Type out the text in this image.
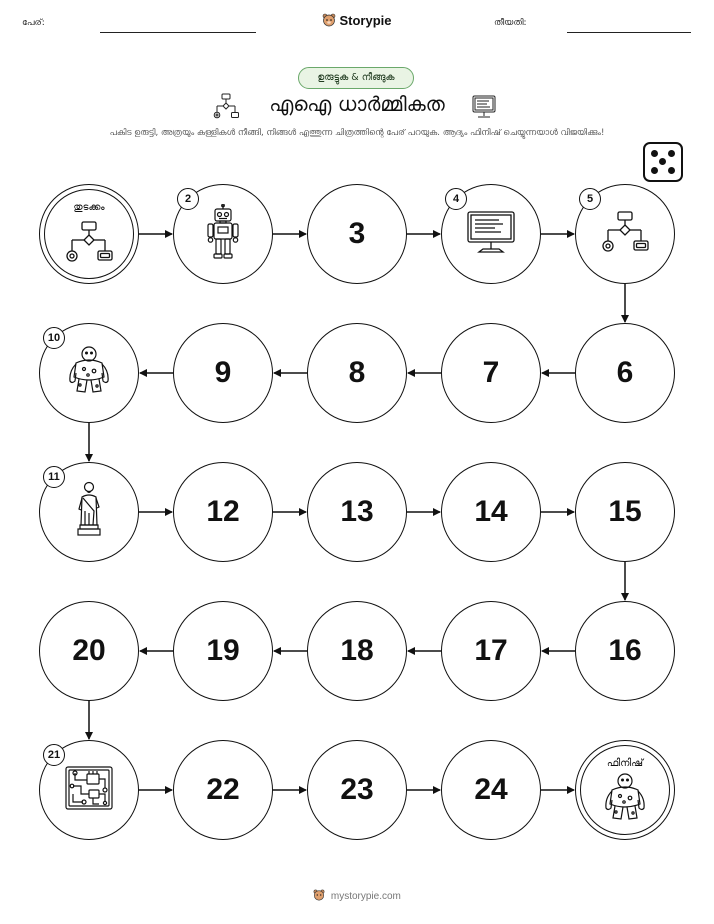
പേര്:	Storypie	തീയതി:
ഉരുട്ടുക & നീങ്ങുക
എഐ ധാർമ്മികത
പകിട ഉരുട്ടി, അത്രയും കള്ളികൾ നീങ്ങി, നിങ്ങൾ എത്തുന്ന ചിത്രത്തിന്റെ പേര് പറയുക. ആദ്യം ഫിനിഷ് ചെയ്യുന്നയാൾ വിജയിക്കും!
തുടക്കം
2
3
4	5
6
7
8
9
10
11
12	13	14	15
16
17
18
19
20
21
22	23	24
ഫിനിഷ്
mystorypie.com
